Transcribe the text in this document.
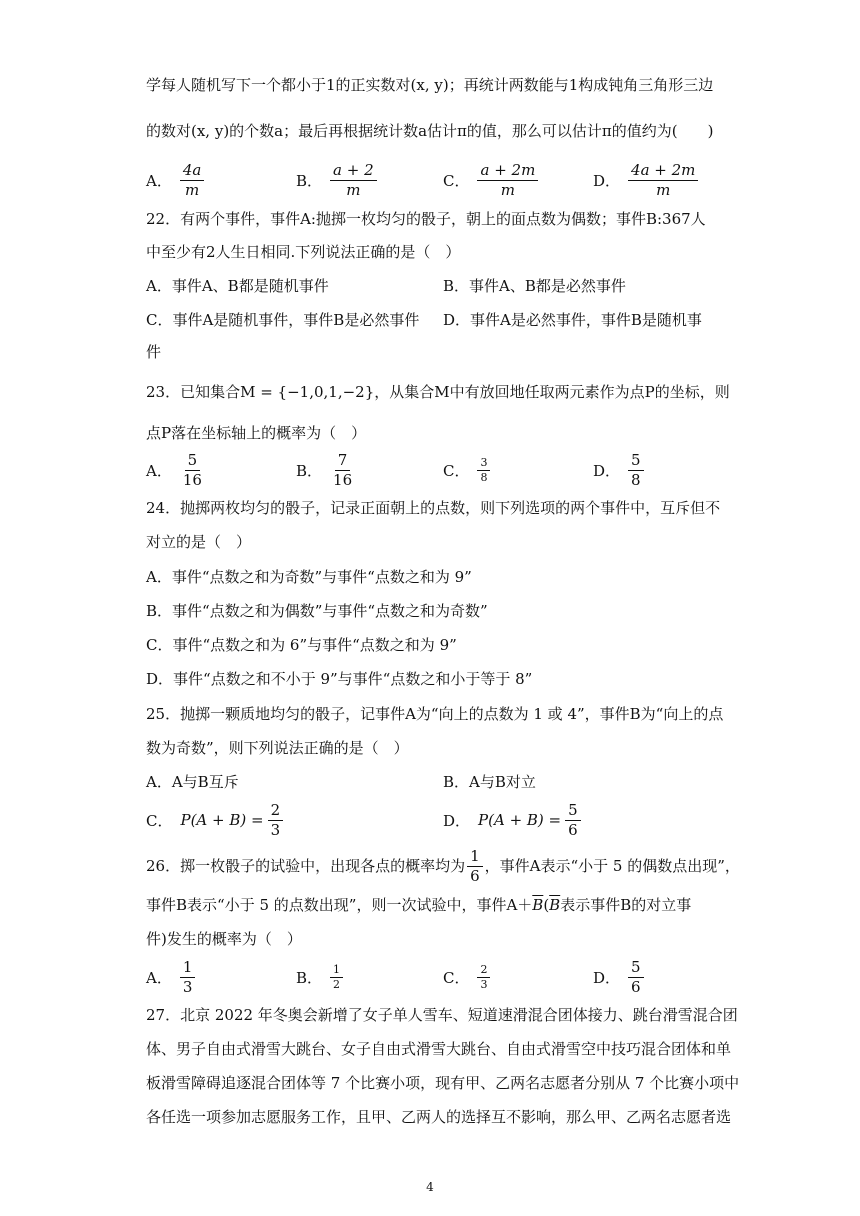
学每人随机写下一个都小于1的正实数对(x, y)；再统计两数能与1构成钝角三角形三边
的数对(x, y)的个数a；最后再根据统计数a估计π的值，那么可以估计π的值约为(　　)
A． $\frac{4a}{m}$	B． $\frac{a + 2}{m}$	C． $\frac{a + 2m}{m}$	D． $\frac{4a + 2m}{m}$
22．有两个事件，事件A:抛掷一枚均匀的骰子，朝上的面点数为偶数；事件B:367人
中至少有2人生日相同.下列说法正确的是（　）
A．事件A、B都是随机事件	B．事件A、B都是必然事件
C．事件A是随机事件，事件B是必然事件	D．事件A是必然事件，事件B是随机事
件
23．已知集合M = {−1,0,1,−2}，从集合M中有放回地任取两元素作为点P的坐标，则
点P落在坐标轴上的概率为（　）
A． $\frac{5}{16}$	B． $\frac{7}{16}$	C． $\frac{3}{8}$	D． $\frac{5}{8}$
24．抛掷两枚均匀的骰子，记录正面朝上的点数，则下列选项的两个事件中，互斥但不
对立的是（　）
A．事件“点数之和为奇数”与事件“点数之和为 9”
B．事件“点数之和为偶数”与事件“点数之和为奇数”
C．事件“点数之和为 6”与事件“点数之和为 9”
D．事件“点数之和不小于 9”与事件“点数之和小于等于 8”
25．抛掷一颗质地均匀的骰子，记事件A为“向上的点数为 1 或 4”，事件B为“向上的点
数为奇数”，则下列说法正确的是（　）
A．A与B互斥	B．A与B对立
C． $P(A + B) = \frac{2}{3}$	D． $P(A + B) = \frac{5}{6}$
26．掷一枚骰子的试验中，出现各点的概率均为 $\frac{1}{6}$ ，事件A表示“小于 5 的偶数点出现”，
事件B表示“小于 5 的点数出现”，则一次试验中，事件$A+\overline{B}(\overline{B}$表示事件B的对立事
件)发生的概率为（　）
A． $\frac{1}{3}$	B． $\frac{1}{2}$	C． $\frac{2}{3}$	D． $\frac{5}{6}$
27．北京 2022 年冬奥会新增了女子单人雪车、短道速滑混合团体接力、跳台滑雪混合团
体、男子自由式滑雪大跳台、女子自由式滑雪大跳台、自由式滑雪空中技巧混合团体和单
板滑雪障碍追逐混合团体等 7 个比赛小项，现有甲、乙两名志愿者分别从 7 个比赛小项中
各任选一项参加志愿服务工作，且甲、乙两人的选择互不影响，那么甲、乙两名志愿者选
4
